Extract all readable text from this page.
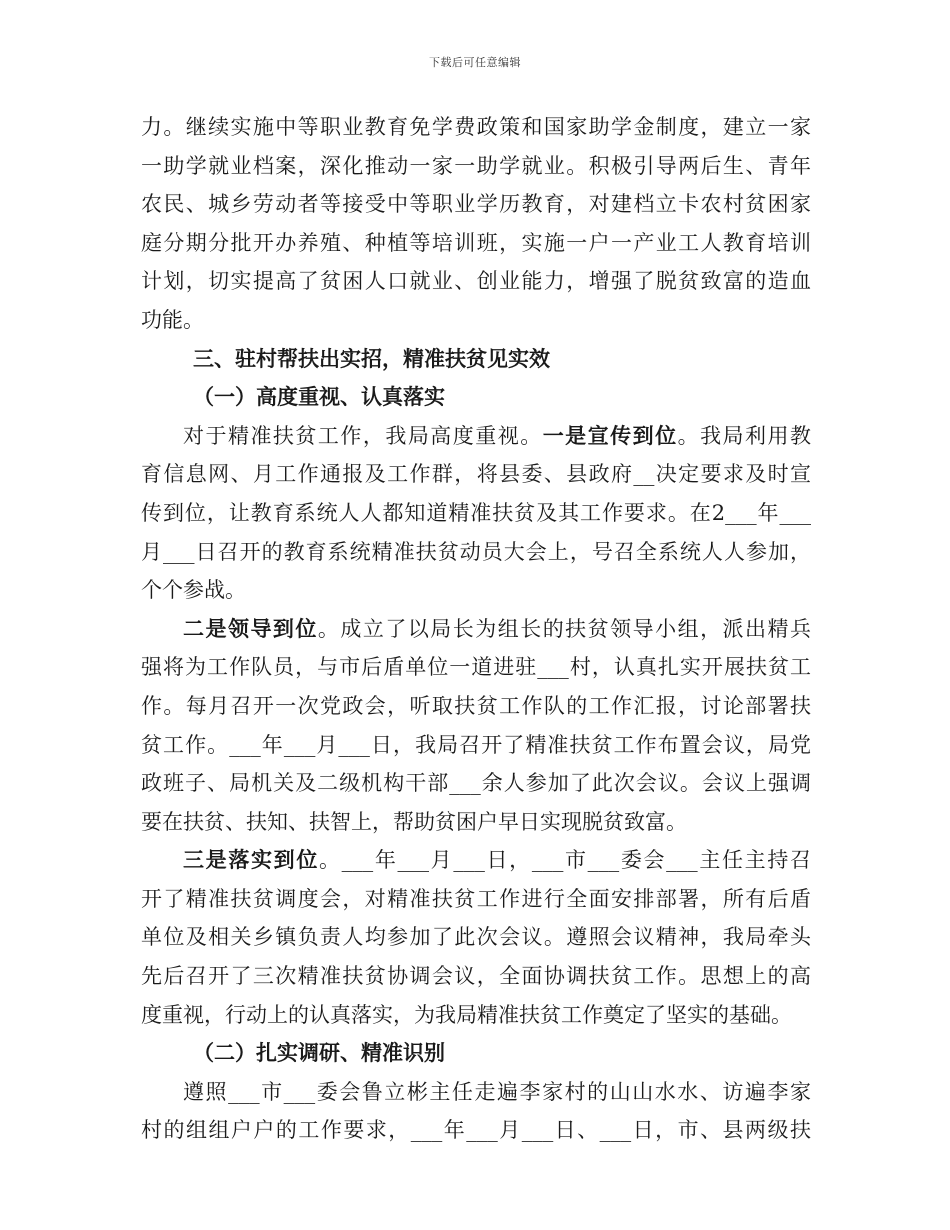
下载后可任意编辑
力。继续实施中等职业教育免学费政策和国家助学金制度，建立一家
一助学就业档案，深化推动一家一助学就业。积极引导两后生、青年
农民、城乡劳动者等接受中等职业学历教育，对建档立卡农村贫困家
庭分期分批开办养殖、种植等培训班，实施一户一产业工人教育培训
计划，切实提高了贫困人口就业、创业能力，增强了脱贫致富的造血
功能。
三、驻村帮扶出实招，精准扶贫见实效
（一）高度重视、认真落实
对于精准扶贫工作，我局高度重视。一是宣传到位。我局利用教
育信息网、月工作通报及工作群，将县委、县政府__决定要求及时宣
传到位，让教育系统人人都知道精准扶贫及其工作要求。在2___年___
月___日召开的教育系统精准扶贫动员大会上，号召全系统人人参加，
个个参战。
二是领导到位。成立了以局长为组长的扶贫领导小组，派出精兵
强将为工作队员，与市后盾单位一道进驻___村，认真扎实开展扶贫工
作。每月召开一次党政会，听取扶贫工作队的工作汇报，讨论部署扶
贫工作。___年___月___日，我局召开了精准扶贫工作布置会议，局党
政班子、局机关及二级机构干部___余人参加了此次会议。会议上强调
要在扶贫、扶知、扶智上，帮助贫困户早日实现脱贫致富。
三是落实到位。___年___月___日，___市___委会___主任主持召
开了精准扶贫调度会，对精准扶贫工作进行全面安排部署，所有后盾
单位及相关乡镇负责人均参加了此次会议。遵照会议精神，我局牵头
先后召开了三次精准扶贫协调会议，全面协调扶贫工作。思想上的高
度重视，行动上的认真落实，为我局精准扶贫工作奠定了坚实的基础。
（二）扎实调研、精准识别
遵照___市___委会鲁立彬主任走遍李家村的山山水水、访遍李家
村的组组户户的工作要求，___年___月___日、___日，市、县两级扶
